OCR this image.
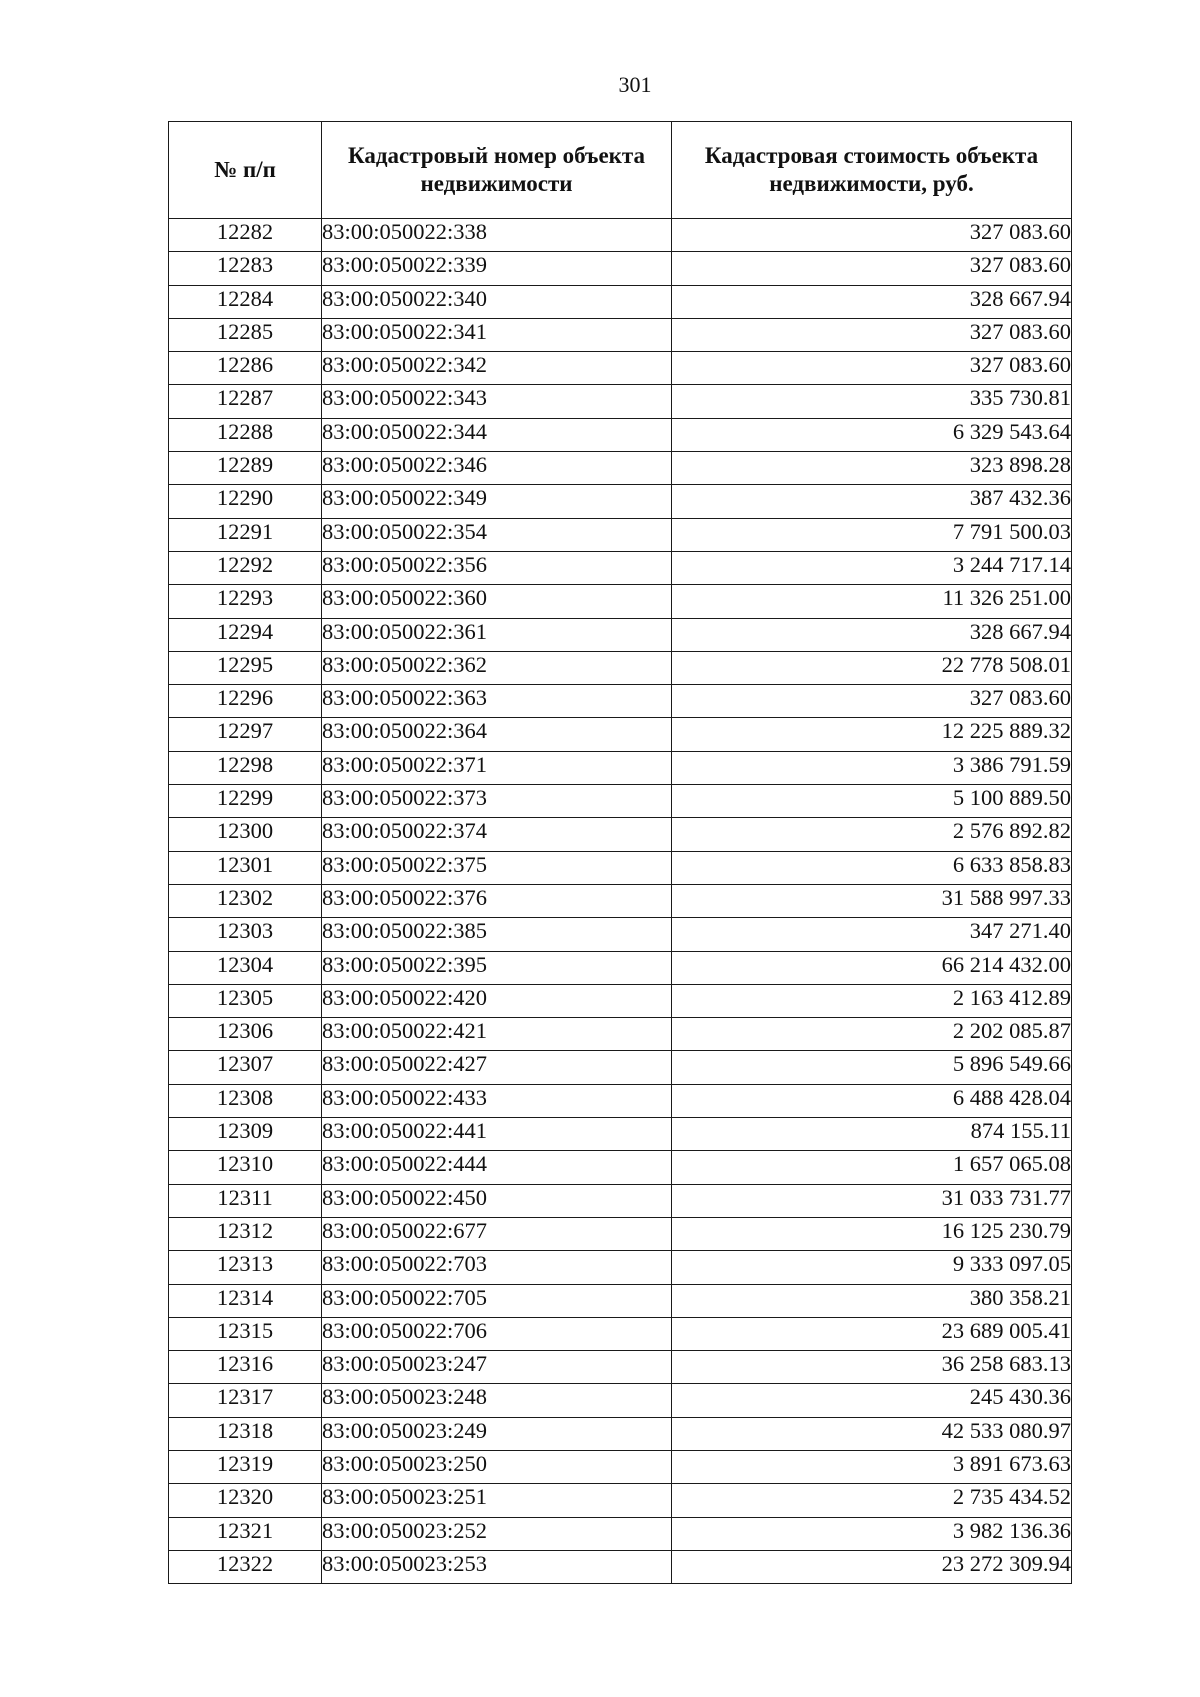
301
№ п/п	Кадастровый номер объекта недвижимости	Кадастровая стоимость объекта недвижимости, руб.
12282	83:00:050022:338	327 083.60
12283	83:00:050022:339	327 083.60
12284	83:00:050022:340	328 667.94
12285	83:00:050022:341	327 083.60
12286	83:00:050022:342	327 083.60
12287	83:00:050022:343	335 730.81
12288	83:00:050022:344	6 329 543.64
12289	83:00:050022:346	323 898.28
12290	83:00:050022:349	387 432.36
12291	83:00:050022:354	7 791 500.03
12292	83:00:050022:356	3 244 717.14
12293	83:00:050022:360	11 326 251.00
12294	83:00:050022:361	328 667.94
12295	83:00:050022:362	22 778 508.01
12296	83:00:050022:363	327 083.60
12297	83:00:050022:364	12 225 889.32
12298	83:00:050022:371	3 386 791.59
12299	83:00:050022:373	5 100 889.50
12300	83:00:050022:374	2 576 892.82
12301	83:00:050022:375	6 633 858.83
12302	83:00:050022:376	31 588 997.33
12303	83:00:050022:385	347 271.40
12304	83:00:050022:395	66 214 432.00
12305	83:00:050022:420	2 163 412.89
12306	83:00:050022:421	2 202 085.87
12307	83:00:050022:427	5 896 549.66
12308	83:00:050022:433	6 488 428.04
12309	83:00:050022:441	874 155.11
12310	83:00:050022:444	1 657 065.08
12311	83:00:050022:450	31 033 731.77
12312	83:00:050022:677	16 125 230.79
12313	83:00:050022:703	9 333 097.05
12314	83:00:050022:705	380 358.21
12315	83:00:050022:706	23 689 005.41
12316	83:00:050023:247	36 258 683.13
12317	83:00:050023:248	245 430.36
12318	83:00:050023:249	42 533 080.97
12319	83:00:050023:250	3 891 673.63
12320	83:00:050023:251	2 735 434.52
12321	83:00:050023:252	3 982 136.36
12322	83:00:050023:253	23 272 309.94
